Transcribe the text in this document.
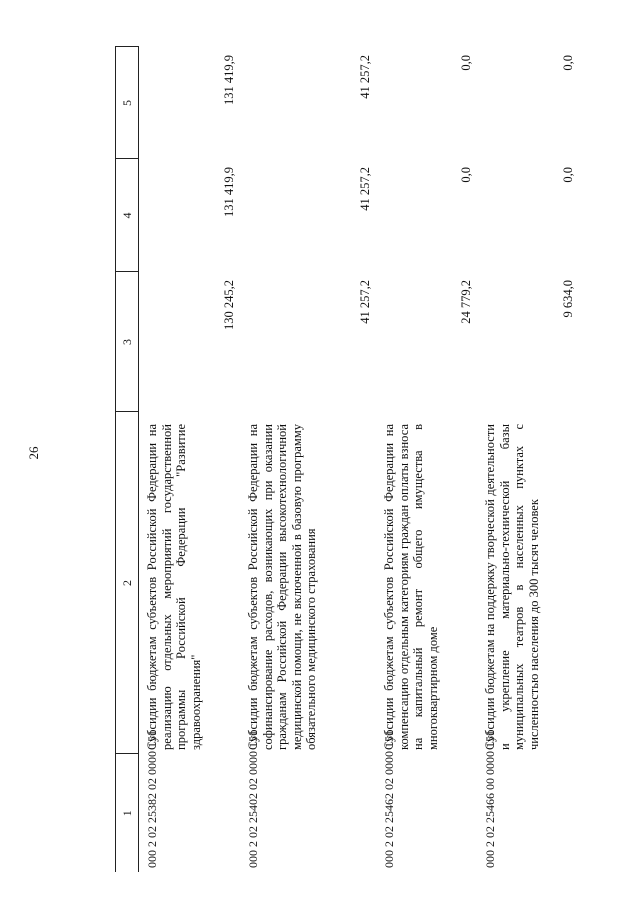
26
1	2	3	4	5
000 2 02 25382 02 0000 151	Субсидии бюджетам субъектов Российской Федерации на реализацию отдельных мероприятий государственной программы Российской Федерации "Развитие здравоохранения"	130 245,2	131 419,9	131 419,9
000 2 02 25402 02 0000 151	Субсидии бюджетам субъектов Российской Федерации на софинансирование расходов, возникающих при оказании гражданам Российской Федерации высокотехнологичной медицинской помощи, не включенной в базовую программу обязательного медицинского страхования	41 257,2	41 257,2	41 257,2
000 2 02 25462 02 0000 151	Субсидии бюджетам субъектов Российской Федерации на компенсацию отдельным категориям граждан оплаты взноса на капитальный ремонт общего имущества в многоквартирном доме	24 779,2	0,0	0,0
000 2 02 25466 00 0000 151	Субсидии бюджетам на поддержку творческой деятельности и укрепление материально-технической базы муниципальных театров в населенных пунктах с численностью населения до 300 тысяч человек	9 634,0	0,0	0,0
